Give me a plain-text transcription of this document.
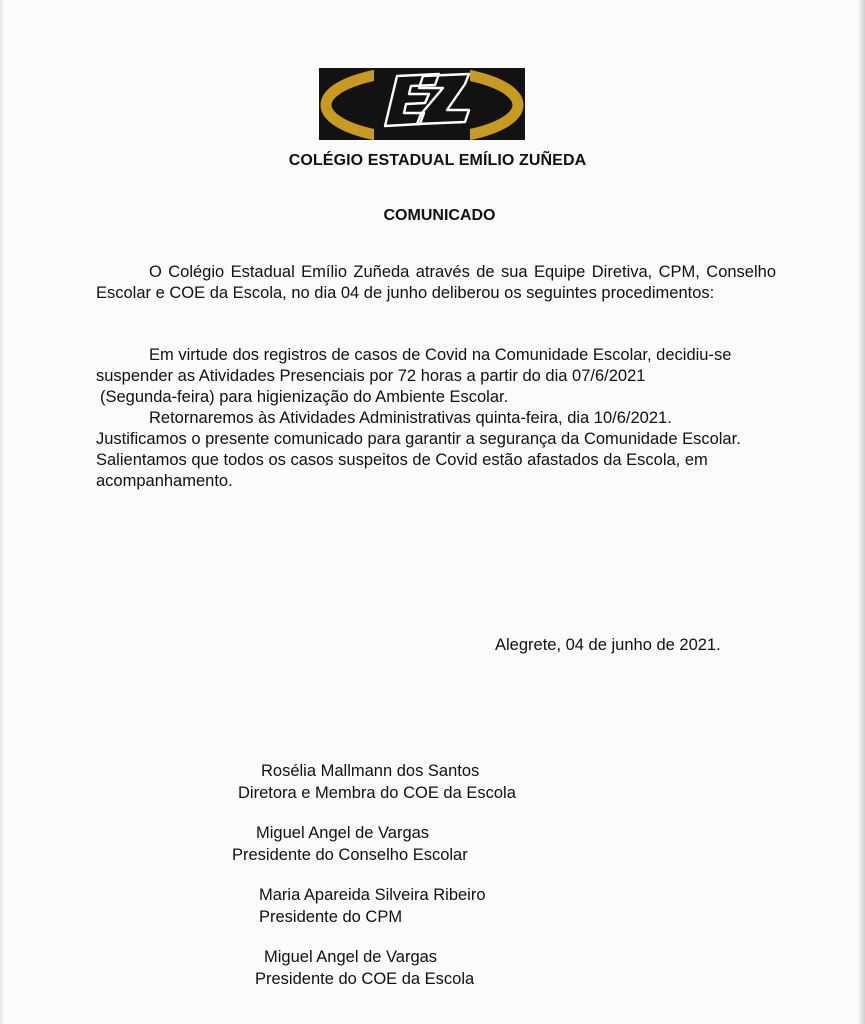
COLÉGIO ESTADUAL EMÍLIO ZUÑEDA
COMUNICADO
O Colégio Estadual Emílio Zuñeda através de sua Equipe Diretiva, CPM, Conselho Escolar e COE da Escola, no dia 04 de junho deliberou os seguintes procedimentos:
Em virtude dos registros de casos de Covid na Comunidade Escolar, decidiu-se
suspender as Atividades Presenciais por 72 horas a partir do dia 07/6/2021
(Segunda-feira) para higienização do Ambiente Escolar.
Retornaremos às Atividades Administrativas quinta-feira, dia 10/6/2021.
Justificamos o presente comunicado para garantir a segurança da Comunidade Escolar.
Salientamos que todos os casos suspeitos de Covid estão afastados da Escola, em
acompanhamento.
Alegrete, 04 de junho de 2021.
Rosélia Mallmann dos Santos
Diretora e Membra do COE da Escola
Miguel Angel de Vargas
Presidente do Conselho Escolar
Maria Apareida Silveira Ribeiro
Presidente do CPM
Miguel Angel de Vargas
Presidente do COE da Escola
